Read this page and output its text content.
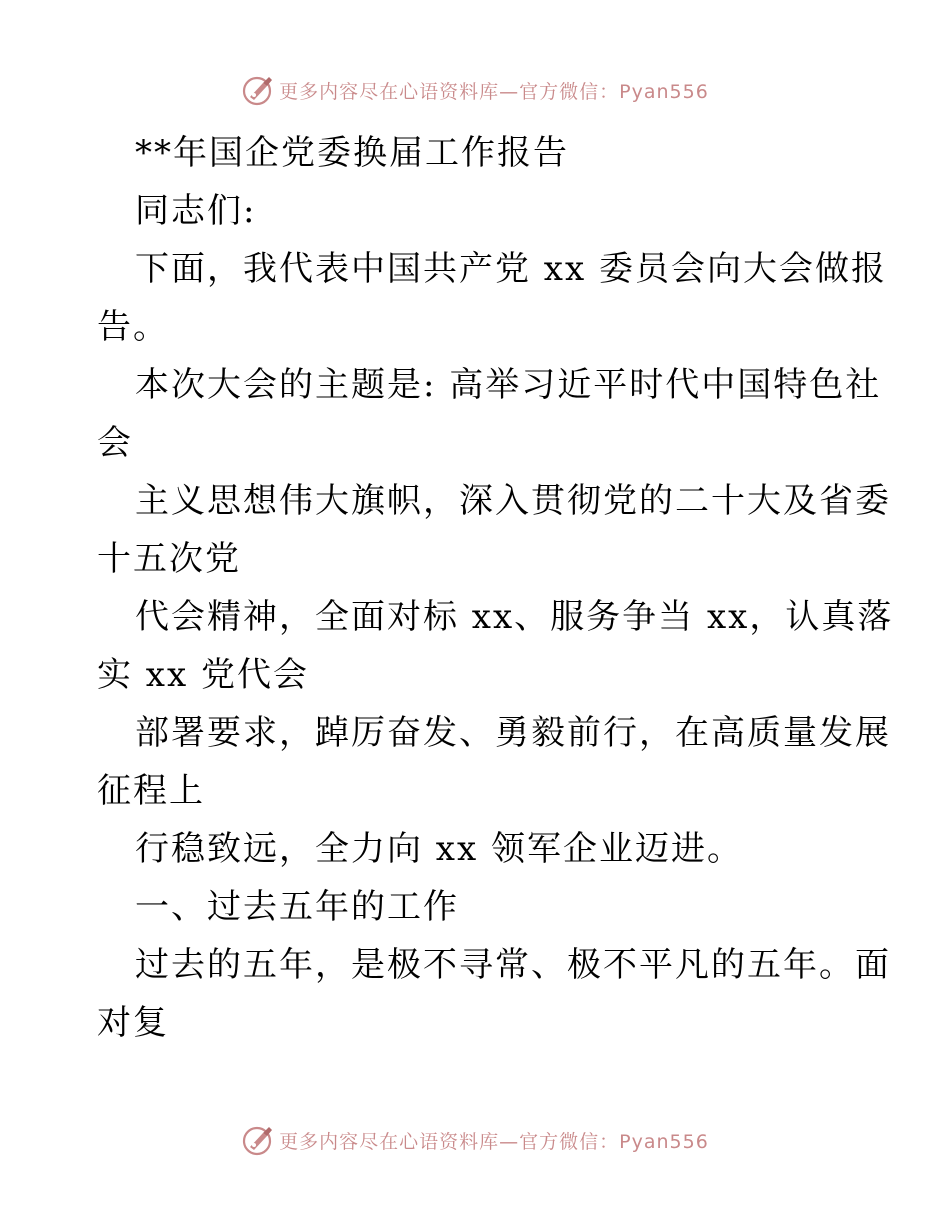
更多内容尽在心语资料库—官方微信：Pyan556
**年国企党委换届工作报告
同志们:
下面，我代表中国共产党 xx 委员会向大会做报
告。
本次大会的主题是: 高举习近平时代中国特色社
会
主义思想伟大旗帜，深入贯彻党的二十大及省委
十五次党
代会精神，全面对标 xx、服务争当 xx，认真落
实 xx 党代会
部署要求，踔厉奋发、勇毅前行，在高质量发展
征程上
行稳致远，全力向 xx 领军企业迈进。
一、过去五年的工作
过去的五年，是极不寻常、极不平凡的五年。面
对复
更多内容尽在心语资料库—官方微信：Pyan556
